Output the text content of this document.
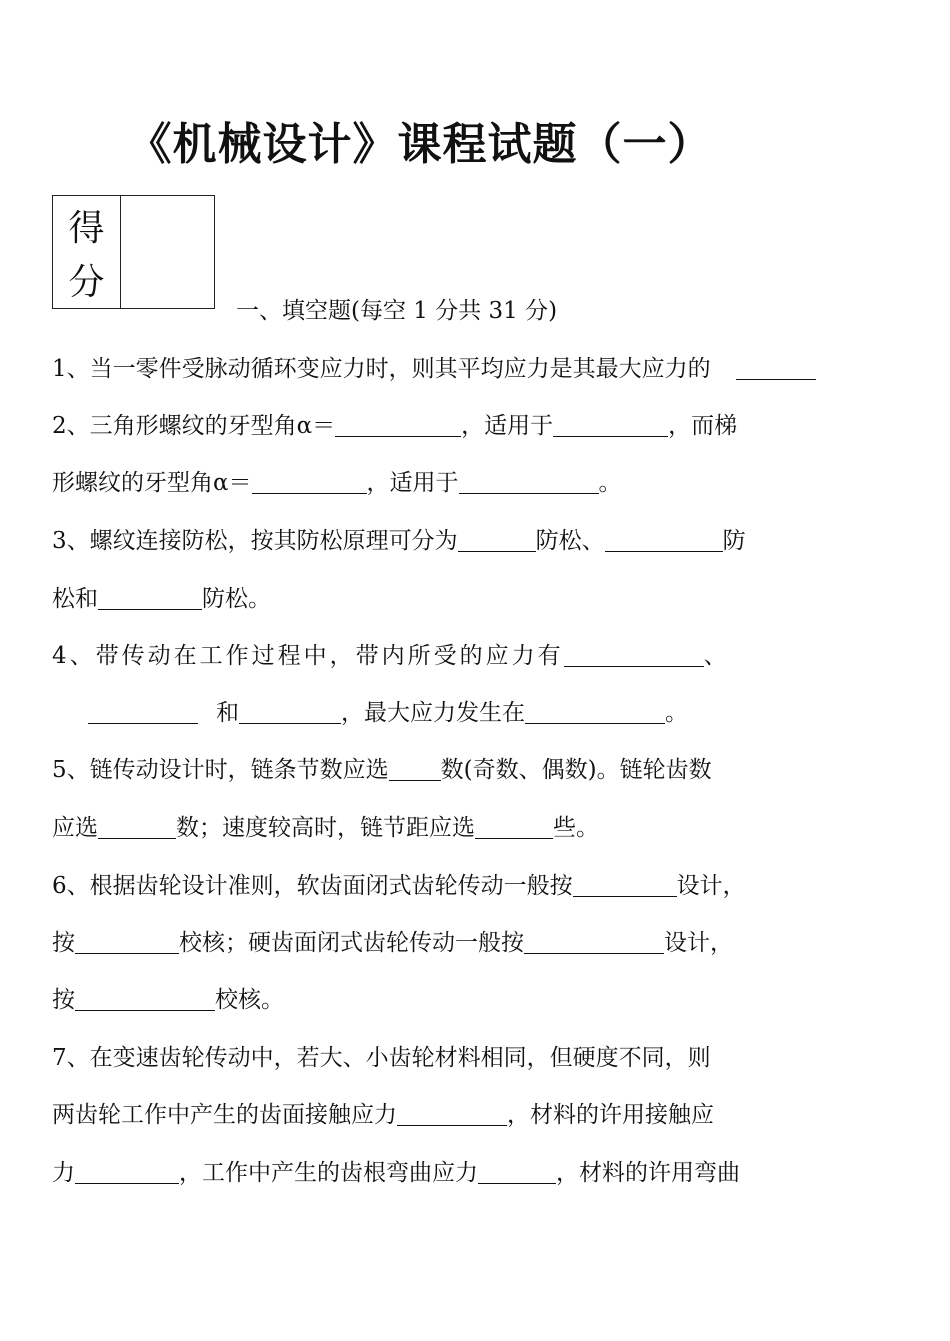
《机械设计》课程试题（一）
得
分
一、填空题(每空 1 分共 31 分)
1、当一零件受脉动循环变应力时，则其平均应力是其最大应力的
2、三角形螺纹的牙型角α＝	，适用于	，而梯
形螺纹的牙型角α＝	，适用于	。
3、螺纹连接防松，按其防松原理可分为	防松、	防
松和	防松。
4、带传动在工作过程中，带内所受的应力有	、
和	，最大应力发生在	。
5、链传动设计时，链条节数应选 数(奇数、偶数)。链轮齿数
应选	数；速度较高时，链节距应选	些。
6、根据齿轮设计准则，软齿面闭式齿轮传动一般按	设计，
按	校核；硬齿面闭式齿轮传动一般按	设计，
按	校核。
7、在变速齿轮传动中，若大、小齿轮材料相同，但硬度不同，则
两齿轮工作中产生的齿面接触应力	，材料的许用接触应
力	，工作中产生的齿根弯曲应力	，材料的许用弯曲
